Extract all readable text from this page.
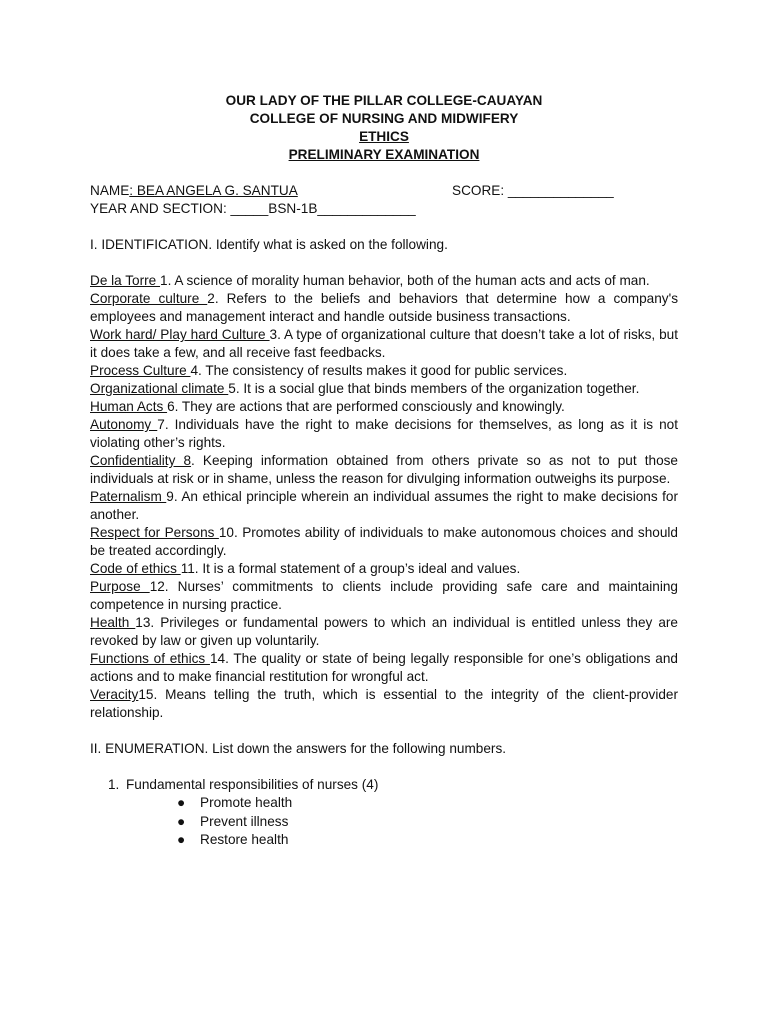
OUR LADY OF THE PILLAR COLLEGE-CAUAYAN
COLLEGE OF NURSING AND MIDWIFERY
ETHICS
PRELIMINARY EXAMINATION
NAME: BEA ANGELA G. SANTUA	SCORE: ______________
YEAR AND SECTION: _____BSN-1B_____________
I. IDENTIFICATION. Identify what is asked on the following.
De la Torre 1. A science of morality human behavior, both of the human acts and acts of man.
Corporate culture 2. Refers to the beliefs and behaviors that determine how a company's employees and management interact and handle outside business transactions.
Work hard/ Play hard Culture 3. A type of organizational culture that doesn’t take a lot of risks, but it does take a few, and all receive fast feedbacks.
Process Culture 4. The consistency of results makes it good for public services.
Organizational climate 5. It is a social glue that binds members of the organization together.
Human Acts 6. They are actions that are performed consciously and knowingly.
Autonomy 7. Individuals have the right to make decisions for themselves, as long as it is not violating other’s rights.
Confidentiality 8. Keeping information obtained from others private so as not to put those individuals at risk or in shame, unless the reason for divulging information outweighs its purpose.
Paternalism 9. An ethical principle wherein an individual assumes the right to make decisions for another.
Respect for Persons 10. Promotes ability of individuals to make autonomous choices and should be treated accordingly.
Code of ethics 11. It is a formal statement of a group’s ideal and values.
Purpose 12. Nurses’ commitments to clients include providing safe care and maintaining competence in nursing practice.
Health 13. Privileges or fundamental powers to which an individual is entitled unless they are revoked by law or given up voluntarily.
Functions of ethics 14. The quality or state of being legally responsible for one’s obligations and actions and to make financial restitution for wrongful act.
Veracity15. Means telling the truth, which is essential to the integrity of the client-provider relationship.
II. ENUMERATION. List down the answers for the following numbers.
1. Fundamental responsibilities of nurses (4)
● Promote health
● Prevent illness
● Restore health
